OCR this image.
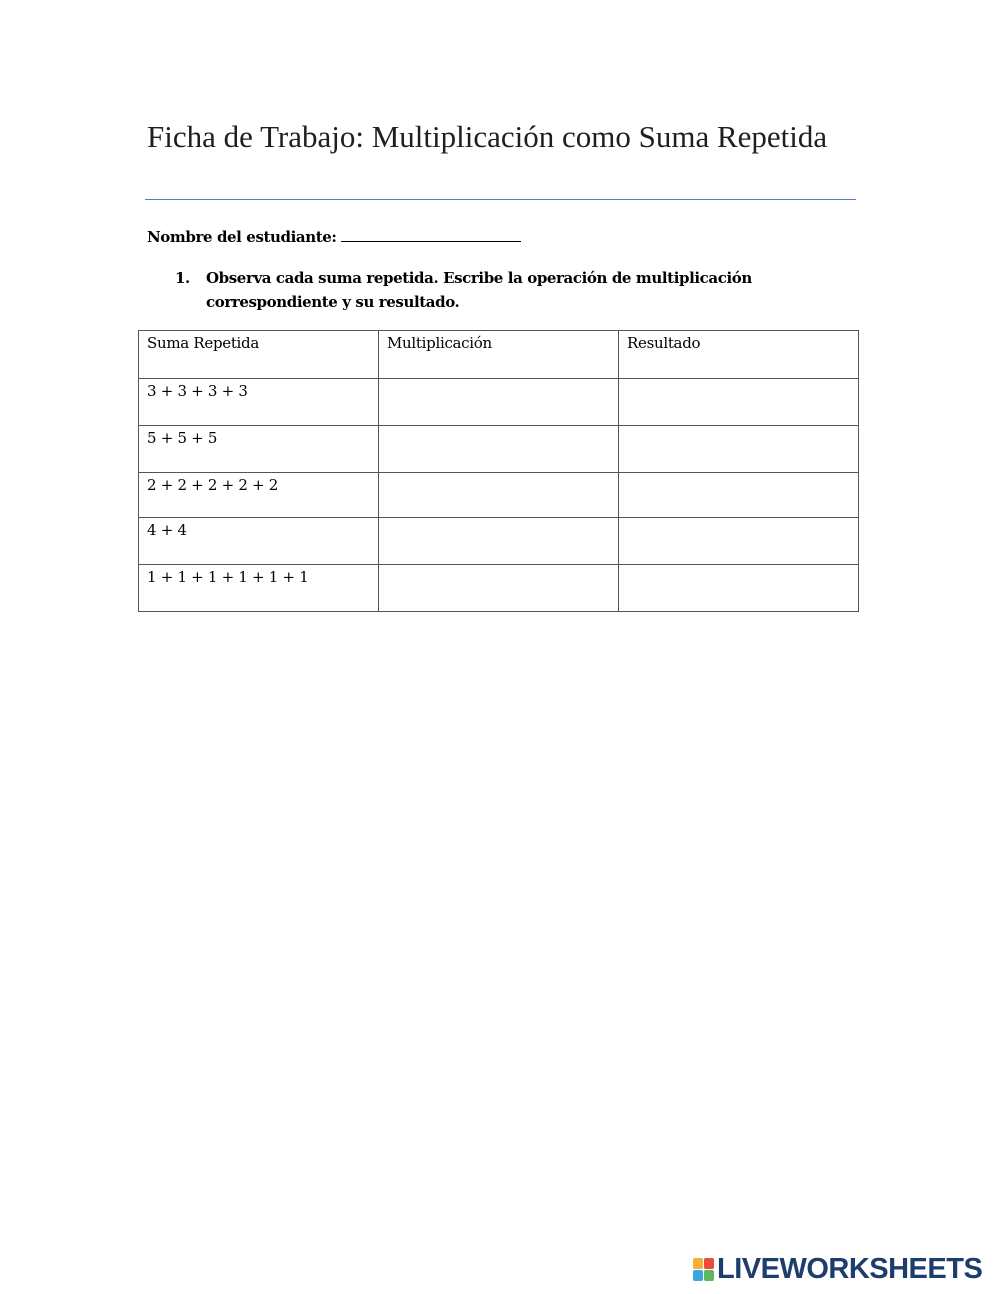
Ficha de Trabajo: Multiplicación como Suma Repetida
Nombre del estudiante:
1. Observa cada suma repetida. Escribe la operación de multiplicación correspondiente y su resultado.
Suma Repetida	Multiplicación	Resultado
3 + 3 + 3 + 3		
5 + 5 + 5		
2 + 2 + 2 + 2 + 2		
4 + 4		
1 + 1 + 1 + 1 + 1 + 1		
LIVEWORKSHEETS
